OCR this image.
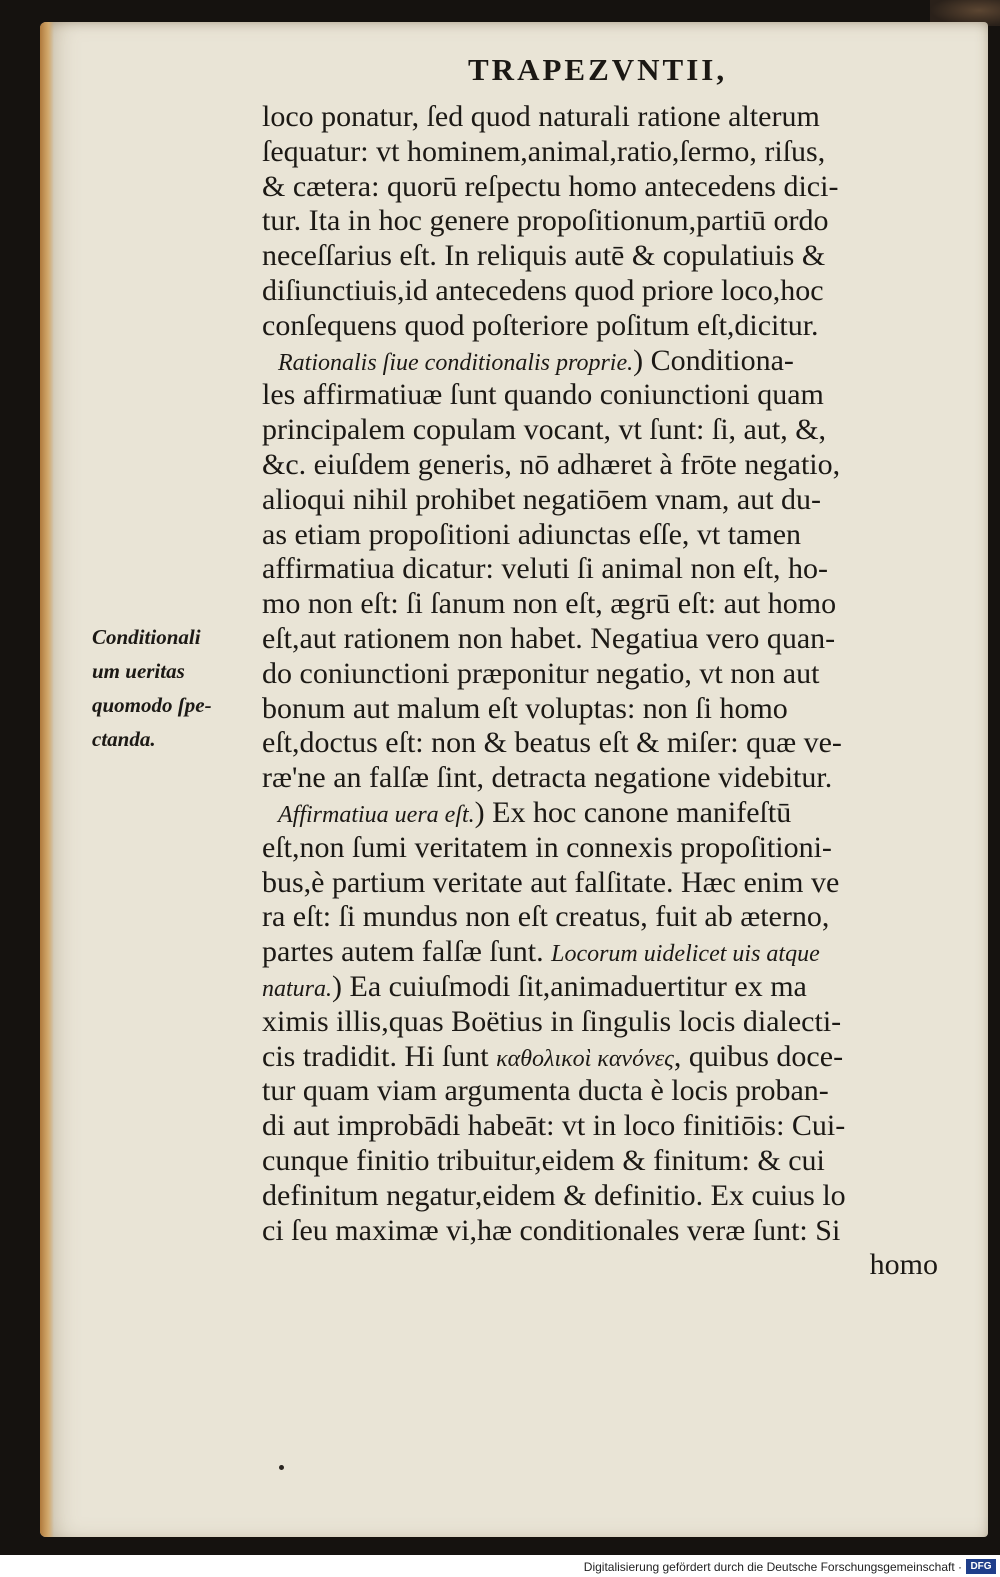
TRAPEZVNTII,
loco ponatur, ſed quod naturali ratione alterum
ſequatur: vt hominem,animal,ratio,ſermo, riſus,
& cætera: quorū reſpectu homo antecedens dici-
tur. Ita in hoc genere propoſitionum,partiū ordo
neceſſarius eſt. In reliquis autē & copulatiuis &
diſiunctiuis,id antecedens quod priore loco,hoc
conſequens quod poſteriore poſitum eſt,dicitur.
Rationalis ſiue conditionalis proprie.) Conditiona-
les affirmatiuæ ſunt quando coniunctioni quam
principalem copulam vocant, vt ſunt: ſi, aut, &,
&c. eiuſdem generis, nō adhæret à frōte negatio,
alioqui nihil prohibet negatiōem vnam, aut du-
as etiam propoſitioni adiunctas eſſe, vt tamen
affirmatiua dicatur: veluti ſi animal non eſt, ho-
mo non eſt: ſi ſanum non eſt, ægrū eſt: aut homo
eſt,aut rationem non habet. Negatiua vero quan-
do coniunctioni præponitur negatio, vt non aut
bonum aut malum eſt voluptas: non ſi homo
eſt,doctus eſt: non & beatus eſt & miſer: quæ ve-
ræ'ne an falſæ ſint, detracta negatione videbitur.
Affirmatiua uera eſt.) Ex hoc canone manifeſtū
eſt,non ſumi veritatem in connexis propoſitioni-
bus,è partium veritate aut falſitate. Hæc enim ve
ra eſt: ſi mundus non eſt creatus, fuit ab æterno,
partes autem falſæ ſunt. Locorum uidelicet uis atque
natura.) Ea cuiuſmodi ſit,animaduertitur ex ma
ximis illis,quas Boëtius in ſingulis locis dialecti-
cis tradidit. Hi ſunt καθολικοὶ κανόνες, quibus doce-
tur quam viam argumenta ducta è locis proban-
di aut improbādi habeāt: vt in loco finitiōis: Cui-
cunque finitio tribuitur,eidem & finitum: & cui
definitum negatur,eidem & definitio. Ex cuius lo
ci ſeu maximæ vi,hæ conditionales veræ ſunt: Si
homo
Conditionali
um ueritas
quomodo ſpe-
ctanda.
Digitalisierung gefördert durch die Deutsche Forschungsgemeinschaft · DFG
